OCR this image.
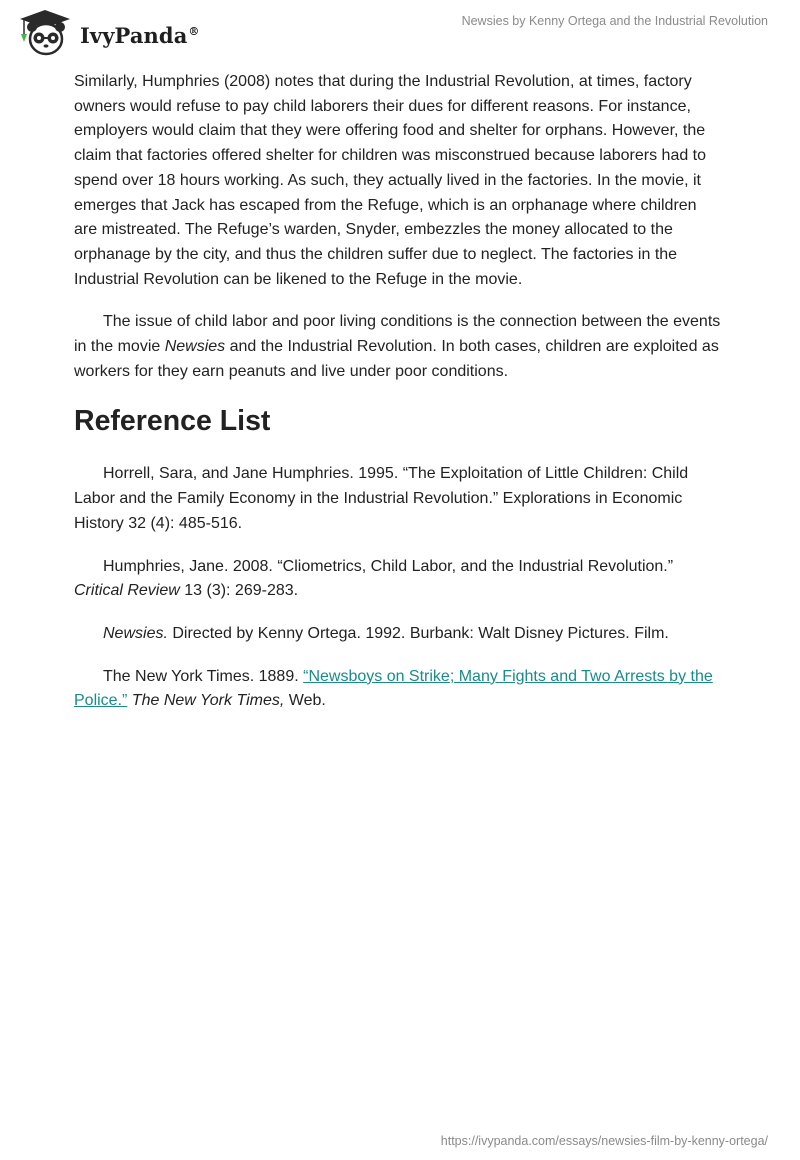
IvyPanda®
Newsies by Kenny Ortega and the Industrial Revolution

Similarly, Humphries (2008) notes that during the Industrial Revolution, at times, factory owners would refuse to pay child laborers their dues for different reasons. For instance, employers would claim that they were offering food and shelter for orphans. However, the claim that factories offered shelter for children was misconstrued because laborers had to spend over 18 hours working. As such, they actually lived in the factories. In the movie, it emerges that Jack has escaped from the Refuge, which is an orphanage where children are mistreated. The Refuge’s warden, Snyder, embezzles the money allocated to the orphanage by the city, and thus the children suffer due to neglect. The factories in the Industrial Revolution can be likened to the Refuge in the movie.

The issue of child labor and poor living conditions is the connection between the events in the movie Newsies and the Industrial Revolution. In both cases, children are exploited as workers for they earn peanuts and live under poor conditions.

Reference List

Horrell, Sara, and Jane Humphries. 1995. “The Exploitation of Little Children: Child Labor and the Family Economy in the Industrial Revolution.” Explorations in Economic History 32 (4): 485-516.

Humphries, Jane. 2008. “Cliometrics, Child Labor, and the Industrial Revolution.” Critical Review 13 (3): 269-283.

Newsies. Directed by Kenny Ortega. 1992. Burbank: Walt Disney Pictures. Film.

The New York Times. 1889. “Newsboys on Strike; Many Fights and Two Arrests by the Police.” The New York Times, Web.

https://ivypanda.com/essays/newsies-film-by-kenny-ortega/
